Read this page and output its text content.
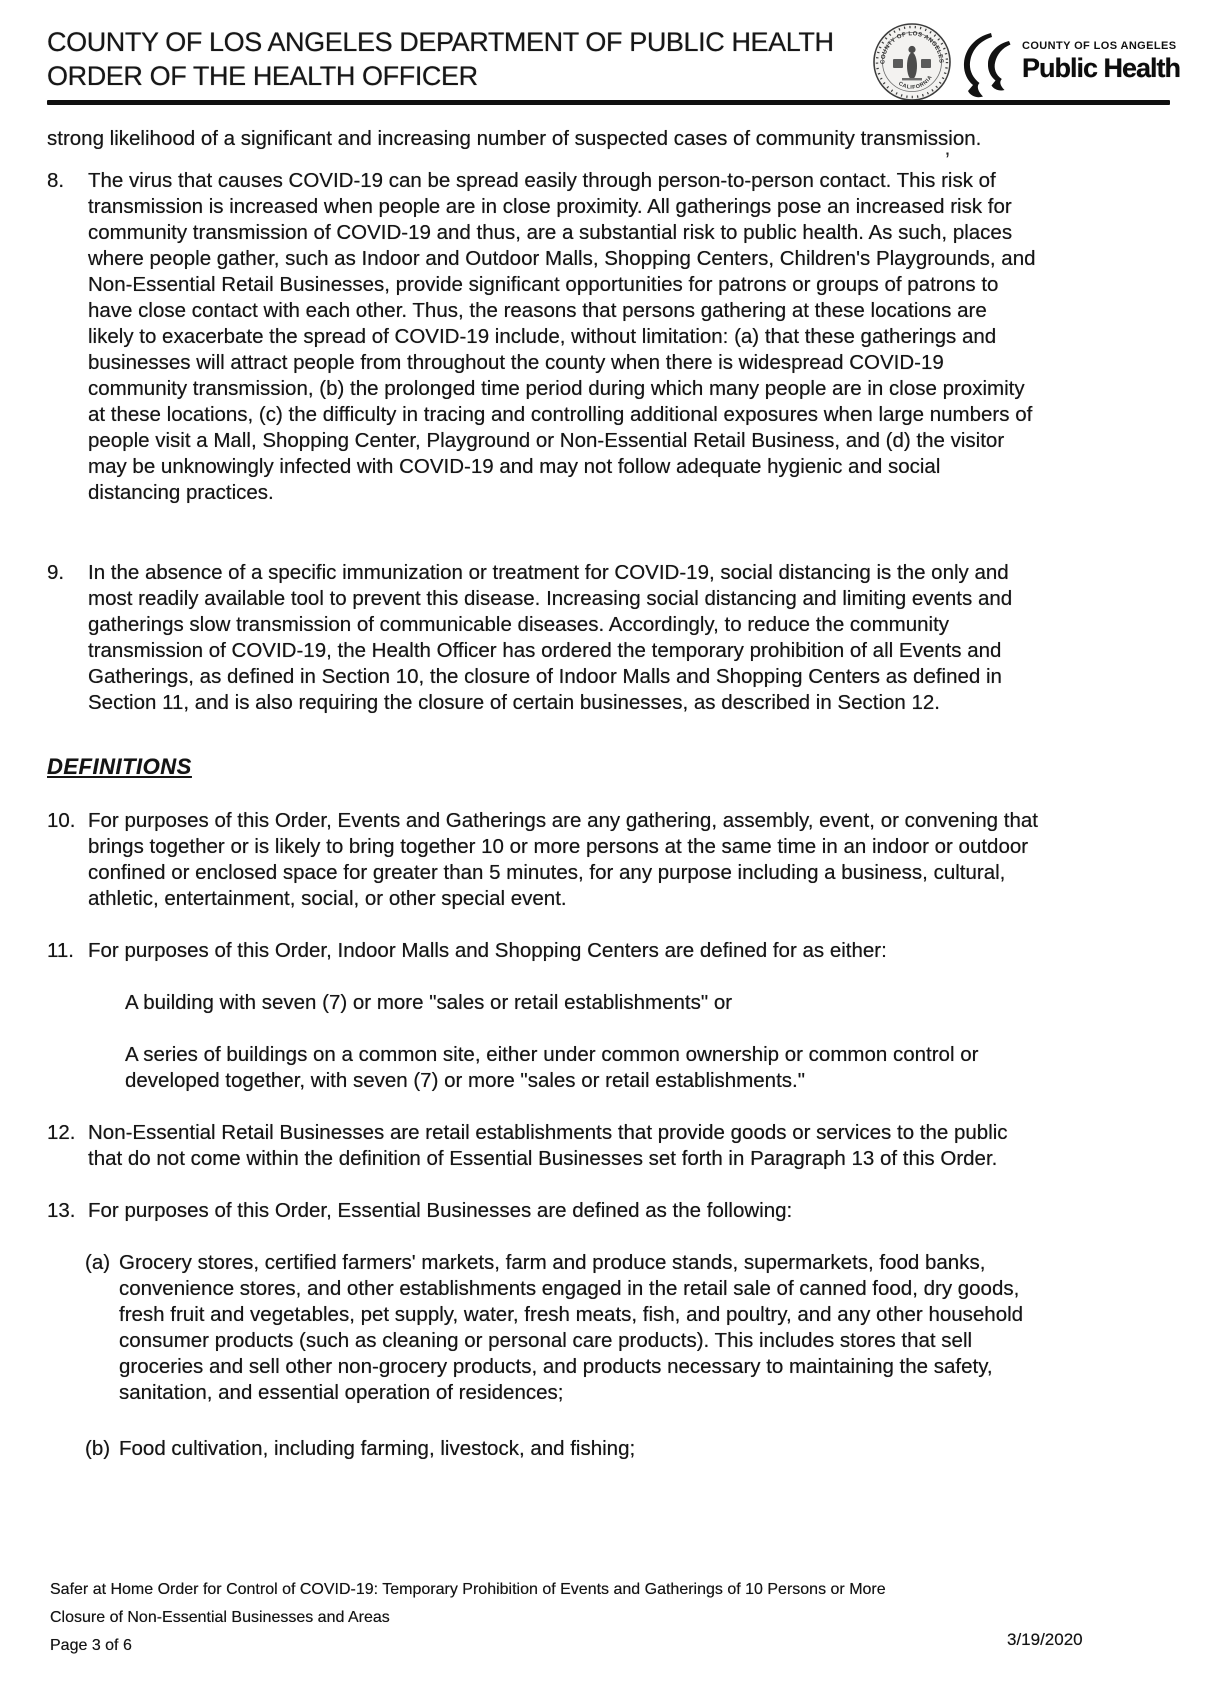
COUNTY OF LOS ANGELES DEPARTMENT OF PUBLIC HEALTH
ORDER OF THE HEALTH OFFICER	COUNTY OF LOS ANGELES
CALIFORNIA
COUNTY OF LOS ANGELES
Public Health
’

strong likelihood of a significant and increasing number of suspected cases of community transmission.

8.	The virus that causes COVID-19 can be spread easily through person-to-person contact. This risk of transmission is increased when people are in close proximity. All gatherings pose an increased risk for community transmission of COVID-19 and thus, are a substantial risk to public health. As such, places where people gather, such as Indoor and Outdoor Malls, Shopping Centers, Children's Playgrounds, and Non-Essential Retail Businesses, provide significant opportunities for patrons or groups of patrons to have close contact with each other. Thus, the reasons that persons gathering at these locations are likely to exacerbate the spread of COVID-19 include, without limitation: (a) that these gatherings and businesses will attract people from throughout the county when there is widespread COVID-19 community transmission, (b) the prolonged time period during which many people are in close proximity at these locations, (c) the difficulty in tracing and controlling additional exposures when large numbers of people visit a Mall, Shopping Center, Playground or Non-Essential Retail Business, and (d) the visitor may be unknowingly infected with COVID-19 and may not follow adequate hygienic and social distancing practices.
9.	In the absence of a specific immunization or treatment for COVID-19, social distancing is the only and most readily available tool to prevent this disease. Increasing social distancing and limiting events and gatherings slow transmission of communicable diseases. Accordingly, to reduce the community transmission of COVID-19, the Health Officer has ordered the temporary prohibition of all Events and Gatherings, as defined in Section 10, the closure of Indoor Malls and Shopping Centers as defined in Section 11, and is also requiring the closure of certain businesses, as described in Section 12.
DEFINITIONS
10. For purposes of this Order, Events and Gatherings are any gathering, assembly, event, or convening that brings together or is likely to bring together 10 or more persons at the same time in an indoor or outdoor confined or enclosed space for greater than 5 minutes, for any purpose including a business, cultural, athletic, entertainment, social, or other special event.
11. For purposes of this Order, Indoor Malls and Shopping Centers are defined for as either:

A building with seven (7) or more "sales or retail establishments" or

A series of buildings on a common site, either under common ownership or common control or developed together, with seven (7) or more "sales or retail establishments."

12. Non-Essential Retail Businesses are retail establishments that provide goods or services to the public that do not come within the definition of Essential Businesses set forth in Paragraph 13 of this Order.
13. For purposes of this Order, Essential Businesses are defined as the following:
(a) Grocery stores, certified farmers' markets, farm and produce stands, supermarkets, food banks, convenience stores, and other establishments engaged in the retail sale of canned food, dry goods, fresh fruit and vegetables, pet supply, water, fresh meats, fish, and poultry, and any other household consumer products (such as cleaning or personal care products). This includes stores that sell groceries and sell other non-grocery products, and products necessary to maintaining the safety, sanitation, and essential operation of residences;
(b) Food cultivation, including farming, livestock, and fishing;
Safer at Home Order for Control of COVID-19: Temporary Prohibition of Events and Gatherings of 10 Persons or More
Closure of Non-Essential Businesses and Areas
Page 3 of 6	3/19/2020
